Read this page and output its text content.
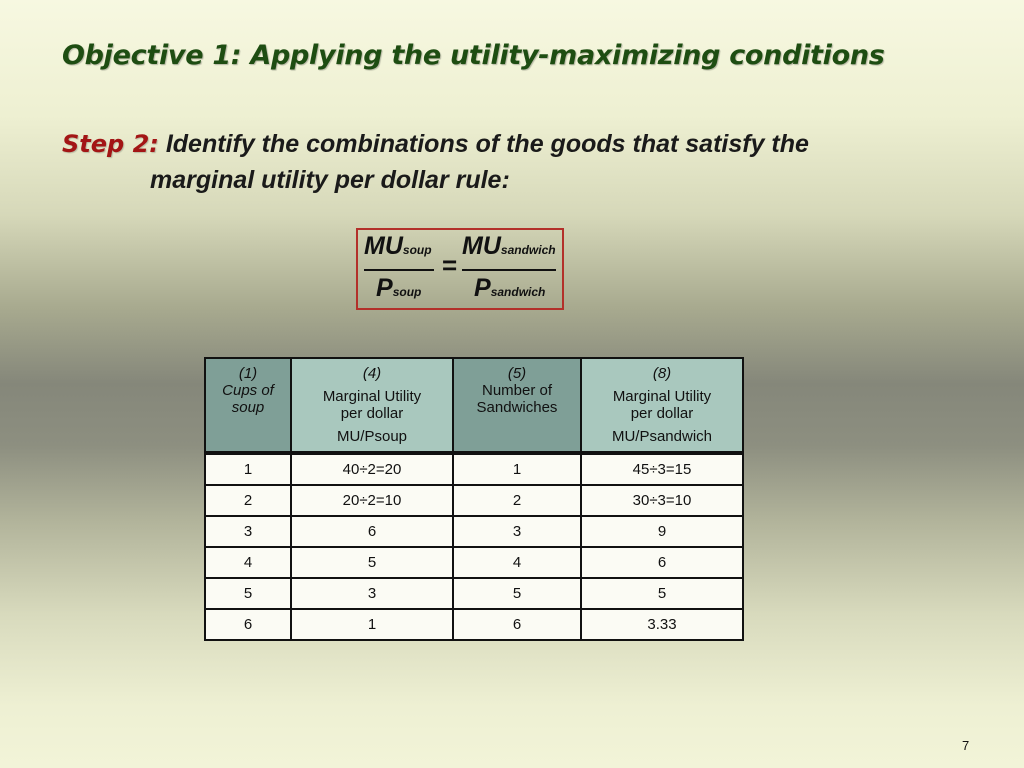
Objective 1: Applying the utility-maximizing conditions
Step 2: Identify the combinations of the goods that satisfy the
marginal utility per dollar rule:
MUsoup
Psoup
=
MUsandwich
Psandwich
(1)
Cups of
soup	(4)
Marginal Utility
per dollar
MU/Psoup	(5)
Number of
Sandwiches	(8)
Marginal Utility
per dollar
MU/Psandwich

1	40÷2=20	1	45÷3=15
2	20÷2=10	2	30÷3=10
3	6	3	9
4	5	4	6
5	3	5	5
6	1	6	3.33
7
